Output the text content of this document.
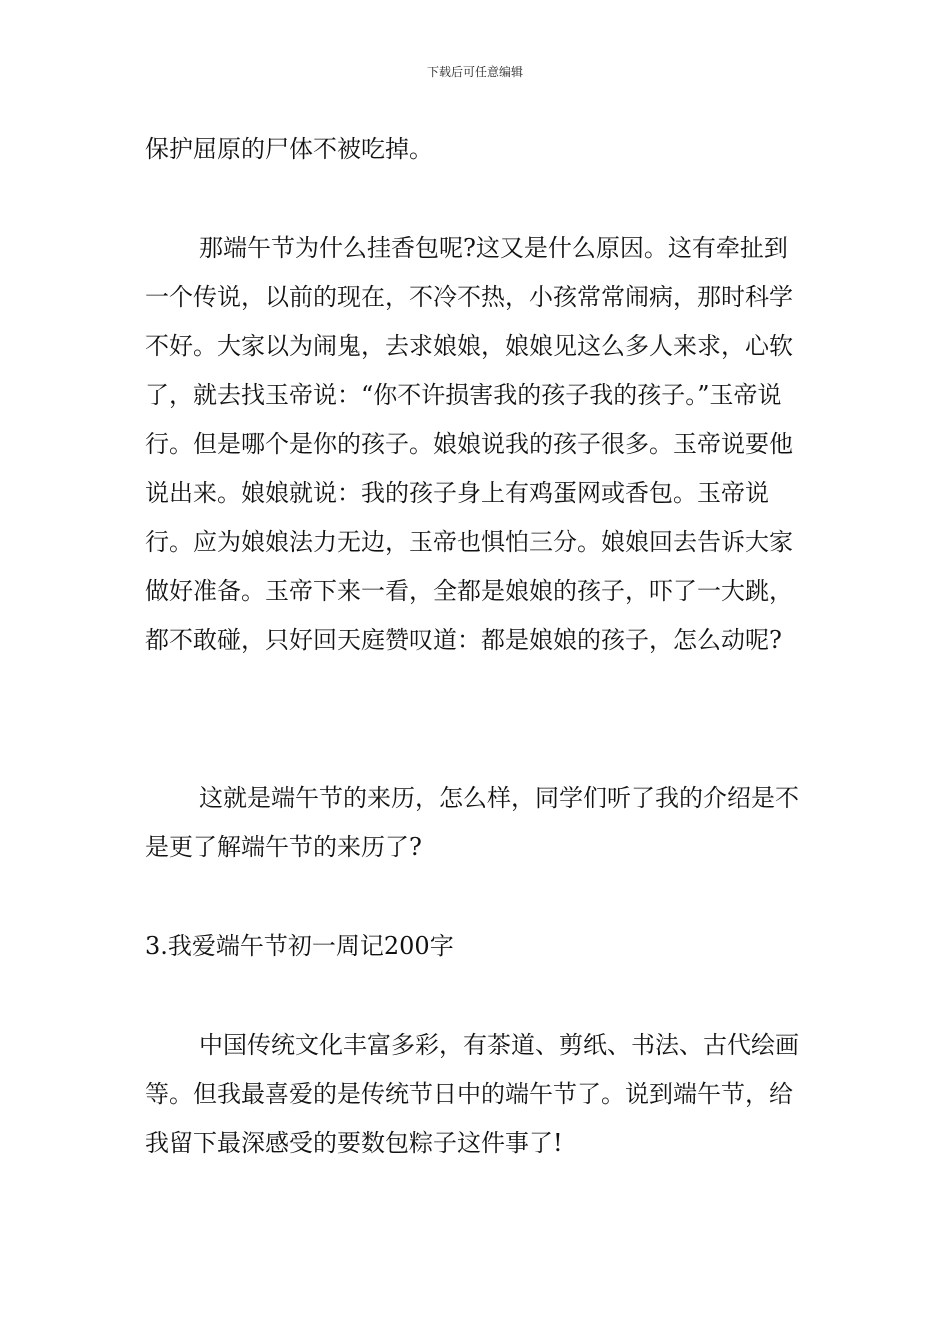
下载后可任意编辑

保护屈原的尸体不被吃掉。

那端午节为什么挂香包呢?这又是什么原因。这有牵扯到一个传说，以前的现在，不冷不热，小孩常常闹病，那时科学不好。大家以为闹鬼，去求娘娘，娘娘见这么多人来求，心软了，就去找玉帝说：“你不许损害我的孩子我的孩子。”玉帝说行。但是哪个是你的孩子。娘娘说我的孩子很多。玉帝说要他说出来。娘娘就说：我的孩子身上有鸡蛋网或香包。玉帝说行。应为娘娘法力无边，玉帝也惧怕三分。娘娘回去告诉大家做好准备。玉帝下来一看，全都是娘娘的孩子，吓了一大跳，都不敢碰，只好回天庭赞叹道：都是娘娘的孩子，怎么动呢?

这就是端午节的来历，怎么样，同学们听了我的介绍是不是更了解端午节的来历了?

3.我爱端午节初一周记200字

中国传统文化丰富多彩，有茶道、剪纸、书法、古代绘画等。但我最喜爱的是传统节日中的端午节了。说到端午节，给我留下最深感受的要数包粽子这件事了!
